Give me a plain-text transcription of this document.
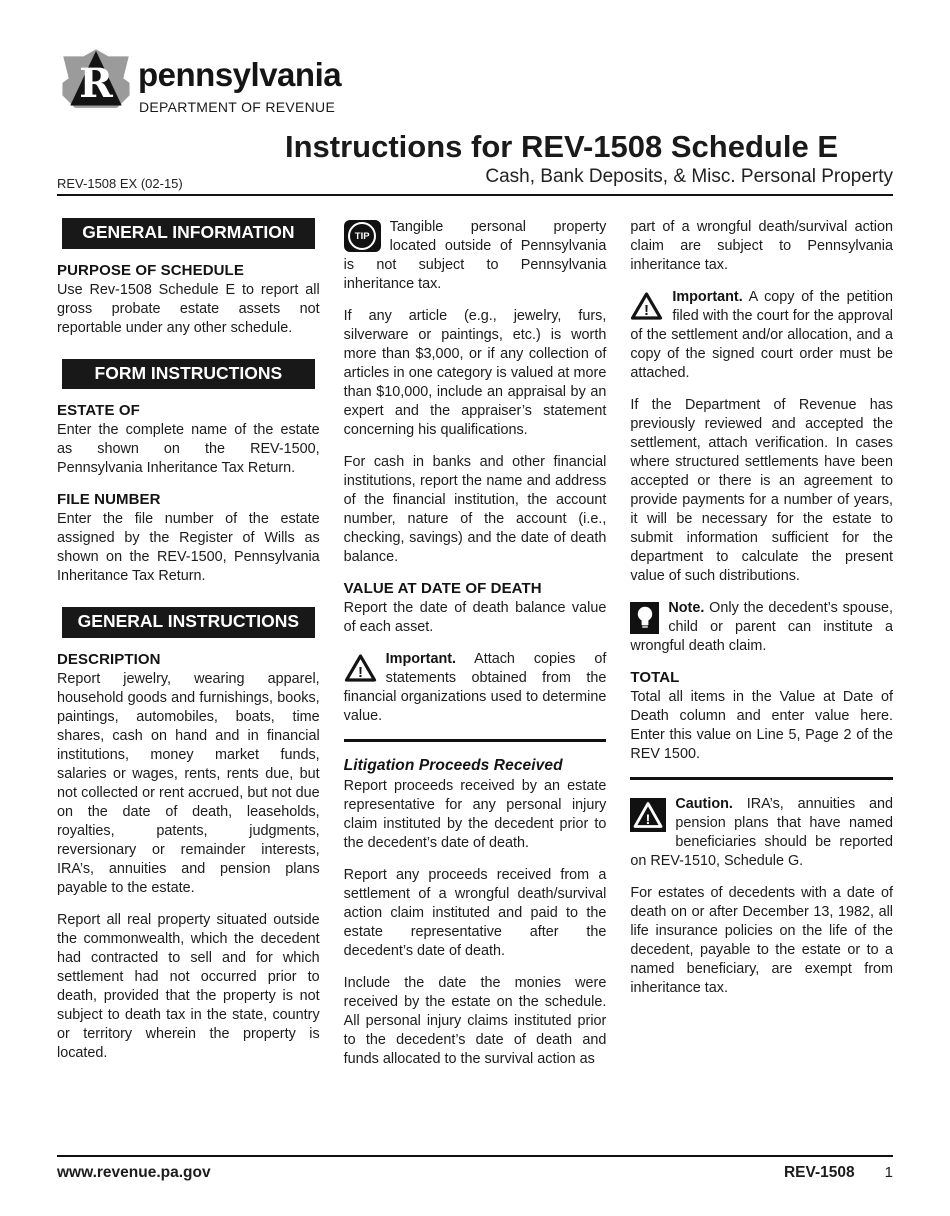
R pennsylvania
DEPARTMENT OF REVENUE
Instructions for REV-1508 Schedule E
Cash, Bank Deposits, & Misc. Personal Property
REV-1508 EX (02-15)
GENERAL INFORMATION
PURPOSE OF SCHEDULE

Use Rev-1508 Schedule E to report all gross probate estate assets not reportable under any other schedule.

FORM INSTRUCTIONS
ESTATE OF

Enter the complete name of the estate as shown on the REV-1500, Pennsylvania Inheritance Tax Return.

FILE NUMBER

Enter the file number of the estate assigned by the Register of Wills as shown on the REV-1500, Pennsylvania Inheritance Tax Return.

GENERAL INSTRUCTIONS
DESCRIPTION

Report jewelry, wearing apparel, household goods and furnishings, books, paintings, automobiles, boats, time shares, cash on hand and in financial institutions, money market funds, salaries or wages, rents, rents due, but not collected or rent accrued, but not due on the date of death, leaseholds, royalties, patents, judgments, reversionary or remainder interests, IRA’s, annuities and pension plans payable to the estate.

Report all real property situated outside the commonwealth, which the decedent had contracted to sell and for which settlement had not occurred prior to death, provided that the property is not subject to death tax in the state, country or territory wherein the property is located.

TIP
Tangible personal property located outside of Pennsylvania is not subject to Pennsylvania inheritance tax.

If any article (e.g., jewelry, furs, silverware or paintings, etc.) is worth more than $3,000, or if any collection of articles in one category is valued at more than $10,000, include an appraisal by an expert and the appraiser’s statement concerning his qualifications.

For cash in banks and other financial institutions, report the name and address of the financial institution, the account number, nature of the account (i.e., checking, savings) and the date of death balance.

VALUE AT DATE OF DEATH

Report the date of death balance value of each asset.

!
Important. Attach copies of statements obtained from the financial organizations used to determine value.

Litigation Proceeds Received

Report proceeds received by an estate representative for any personal injury claim instituted by the decedent prior to the decedent’s date of death.

Report any proceeds received from a settlement of a wrongful death/survival action claim instituted and paid to the estate representative after the decedent’s date of death.

Include the date the monies were received by the estate on the schedule. All personal injury claims instituted prior to the decedent’s date of death and funds allocated to the survival action as

part of a wrongful death/survival action claim are subject to Pennsylvania inheritance tax.

!
Important. A copy of the petition filed with the court for the approval of the settlement and/or allocation, and a copy of the signed court order must be attached.

If the Department of Revenue has previously reviewed and accepted the settlement, attach verification. In cases where structured settlements have been accepted or there is an agreement to provide payments for a number of years, it will be necessary for the estate to submit information sufficient for the department to calculate the present value of such distributions.

Note. Only the decedent’s spouse, child or parent can institute a wrongful death claim.

TOTAL

Total all items in the Value at Date of Death column and enter value here. Enter this value on Line 5, Page 2 of the REV 1500.

!
Caution. IRA’s, annuities and pension plans that have named beneficiaries should be reported on REV-1510, Schedule G.

For estates of decedents with a date of death on or after December 13, 1982, all life insurance policies on the life of the decedent, payable to the estate or to a named beneficiary, are exempt from inheritance tax.

www.revenue.pa.gov	REV-1508 1
